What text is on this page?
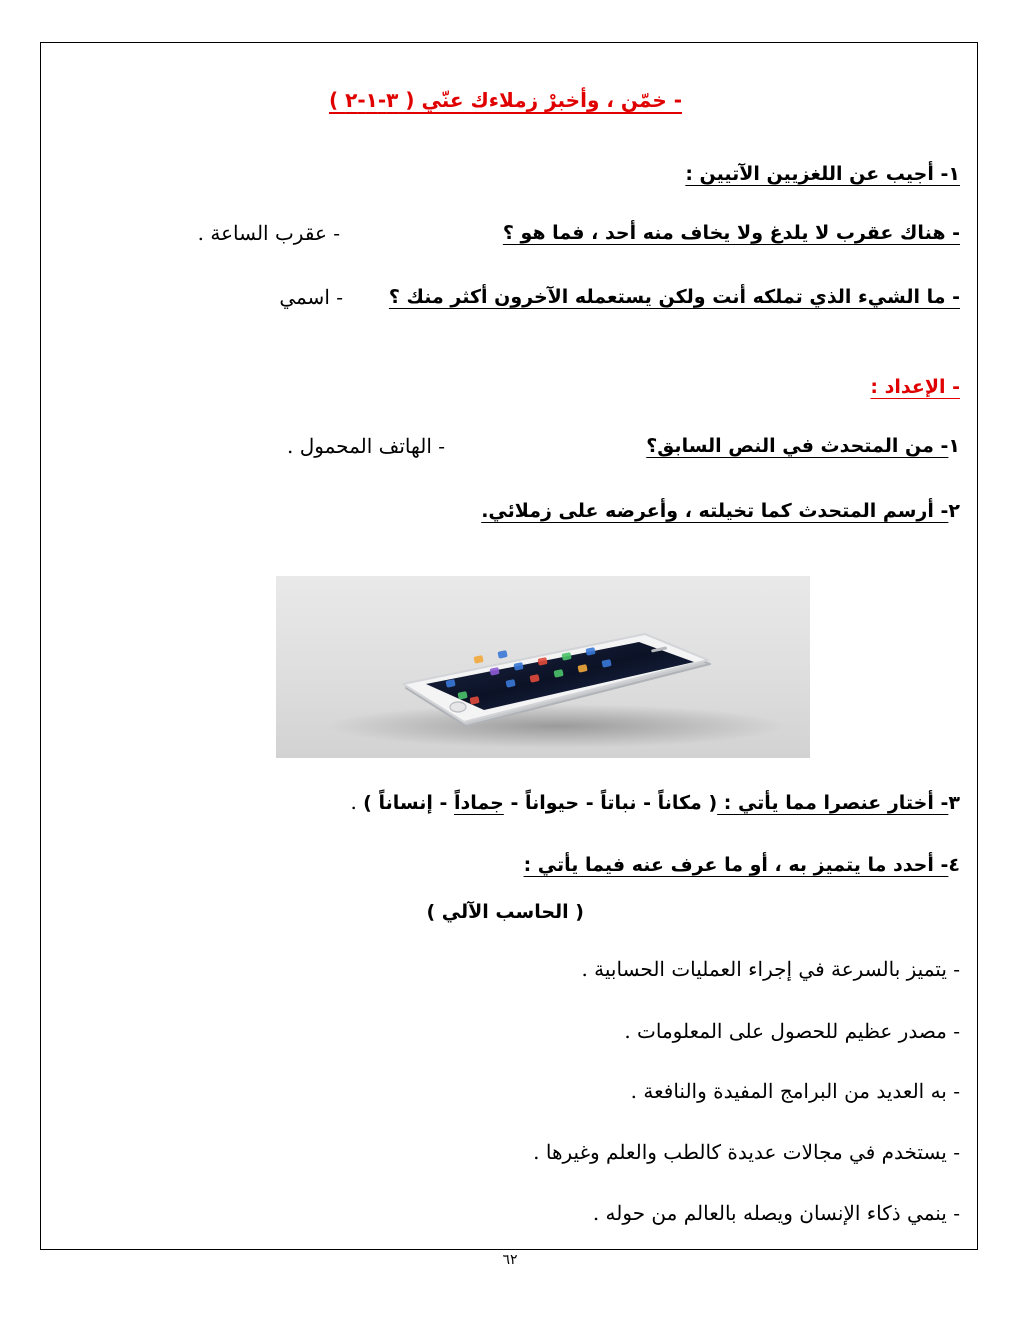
- خمّن ، وأخبرْ زملاءك عنّي ( ٣-١-٢ )
١- أجيب عن اللغزيين الآتيين :
- هناك عقرب لا يلدغ ولا يخاف منه أحد ، فما هو ؟
- عقرب الساعة .
- ما الشيء الذي تملكه أنت ولكن يستعمله الآخرون أكثر منك ؟
- اسمي
- الإعداد :
١- من المتحدث في النص السابق؟
- الهاتف المحمول .
٢- أرسم المتحدث كما تخيلته ، وأعرضه على زملائي.
٣- أختار عنصرا مما يأتي : ( مكاناً - نباتاً - حيواناً - جماداً - إنساناً ) .
٤- أحدد ما يتميز به ، أو ما عرف عنه فيما يأتي :
( الحاسب الآلي )
- يتميز بالسرعة في إجراء العمليات الحسابية .
- مصدر عظيم للحصول على المعلومات .
- به العديد من البرامج المفيدة والنافعة .
- يستخدم في مجالات عديدة كالطب والعلم وغيرها .
- ينمي ذكاء الإنسان ويصله بالعالم من حوله .
٦٢
